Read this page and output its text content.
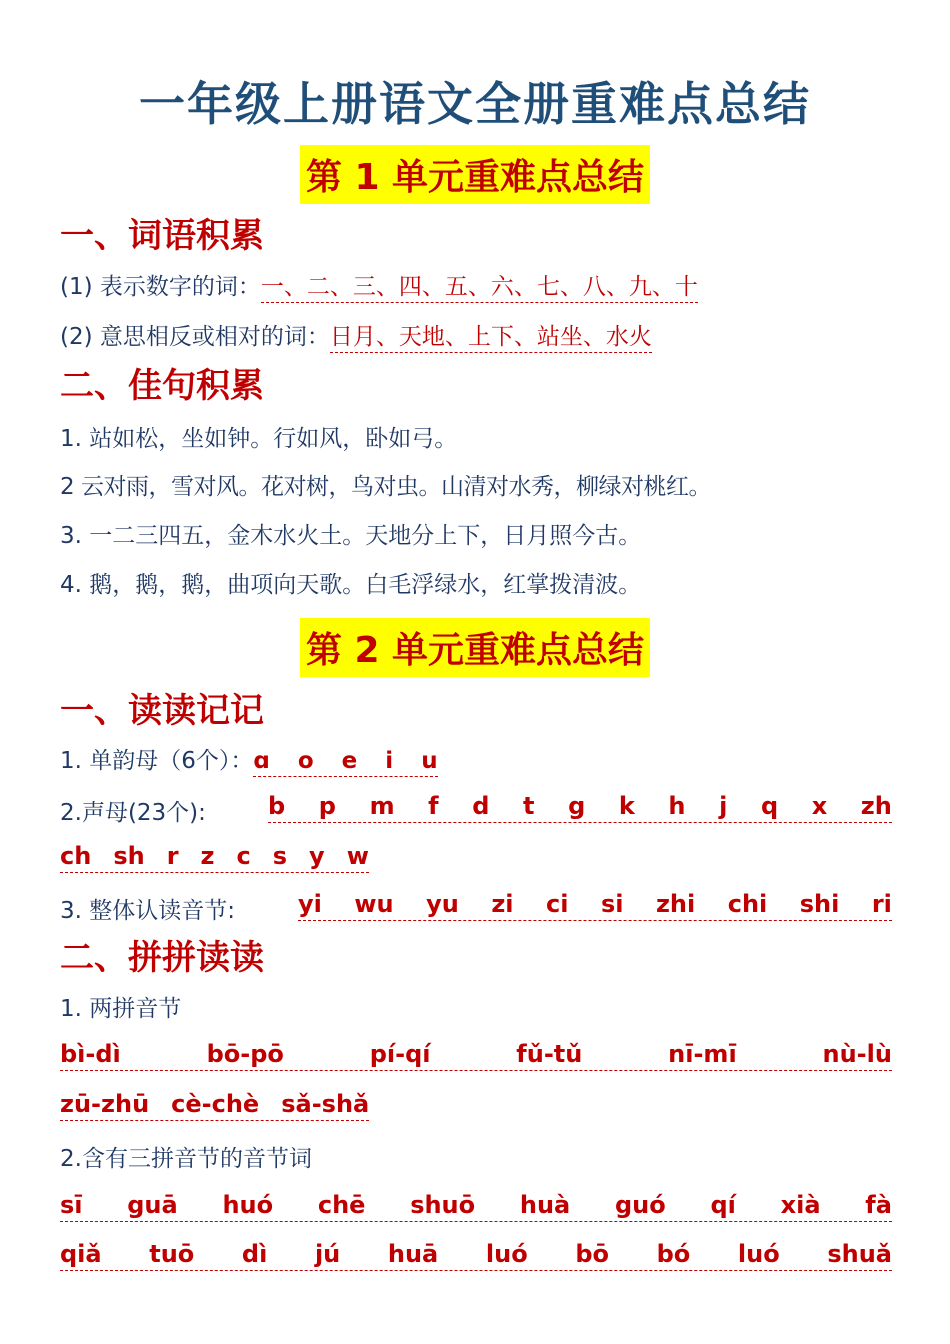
一年级上册语文全册重难点总结
第 1 单元重难点总结
一、词语积累
(1) 表示数字的词：一、二、三、四、五、六、七、八、九、十
(2) 意思相反或相对的词：日月、天地、上下、站坐、水火
二、佳句积累
1. 站如松，坐如钟。行如风，卧如弓。
2 云对雨，雪对风。花对树，鸟对虫。山清对水秀，柳绿对桃红。
3. 一二三四五，金木水火土。天地分上下，日月照今古。
4. 鹅，鹅，鹅，曲项向天歌。白毛浮绿水，红掌拨清波。
第 2 单元重难点总结
一、读读记记
1. 单韵母（6个）：ɑ  o  e  i  u
2.声母(23个):	b p m f d t g k h j q x zh
ch sh r z c s y w
3. 整体认读音节:	yi wu yu zi ci si zhi chi shi ri
二、拼拼读读
1. 两拼音节
bì-dì	bō-pō	pí-qí	fǔ-tǔ	nī-mī	nù-lù
zū-zhū cè-chè sǎ-shǎ
2.含有三拼音节的音节词
sī guā huó chē shuō huà guó qí xià fà
qiǎ tuō dì jú huā luó bō bó luó shuǎ
